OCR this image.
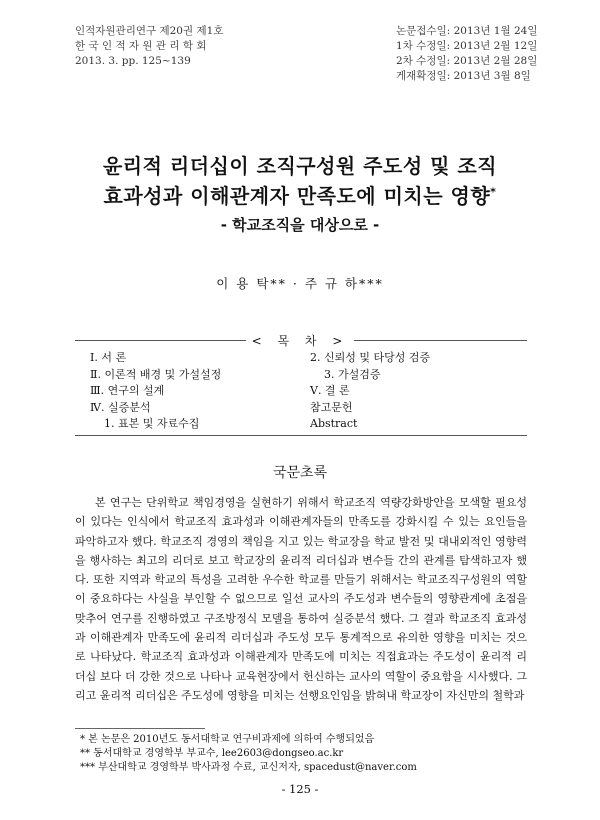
인적자원관리연구 제20권 제1호
한 국 인 적 자 원 관 리 학 회
2013. 3. pp. 125~139
논문접수일: 2013년 1월 24일
1차 수정일: 2013년 2월 12일
2차 수정일: 2013년 2월 28일
게재확정일: 2013년 3월 8일
윤리적 리더십이 조직구성원 주도성 및 조직
효과성과 이해관계자 만족도에 미치는 영향*
- 학교조직을 대상으로 -
이 용 탁** · 주 규 하***
< 목 차 >
Ⅰ. 서 론
Ⅱ. 이론적 배경 및 가설설정
Ⅲ. 연구의 설계
Ⅳ. 실증분석
1. 표본 및 자료수집
2. 신뢰성 및 타당성 검증
3. 가설검증
Ⅴ. 결 론
참고문헌
Abstract
국문초록
본 연구는 단위학교 책임경영을 실현하기 위해서 학교조직 역량강화방안을 모색할 필요성이 있다는 인식에서 학교조직 효과성과 이해관계자들의 만족도를 강화시킬 수 있는 요인들을 파악하고자 했다. 학교조직 경영의 책임을 지고 있는 학교장을 학교 발전 및 대내외적인 영향력을 행사하는 최고의 리더로 보고 학교장의 윤리적 리더십과 변수들 간의 관계를 탐색하고자 했다. 또한 지역과 학교의 특성을 고려한 우수한 학교를 만들기 위해서는 학교조직구성원의 역할이 중요하다는 사실을 부인할 수 없으므로 일선 교사의 주도성과 변수들의 영향관계에 초점을 맞추어 연구를 진행하였고 구조방정식 모델을 통하여 실증분석 했다. 그 결과 학교조직 효과성과 이해관계자 만족도에 윤리적 리더십과 주도성 모두 통계적으로 유의한 영향을 미치는 것으로 나타났다. 학교조직 효과성과 이해관계자 만족도에 미치는 직접효과는 주도성이 윤리적 리더십 보다 더 강한 것으로 나타나 교육현장에서 헌신하는 교사의 역할이 중요함을 시사했다. 그리고 윤리적 리더십은 주도성에 영향을 미치는 선행요인임을 밝혀내 학교장이 자신만의 철학과
* 본 논문은 2010년도 동서대학교 연구비과제에 의하여 수행되었음
** 동서대학교 경영학부 부교수, lee2603@dongseo.ac.kr
*** 부산대학교 경영학부 박사과정 수료, 교신저자, spacedust@naver.com
- 125 -
